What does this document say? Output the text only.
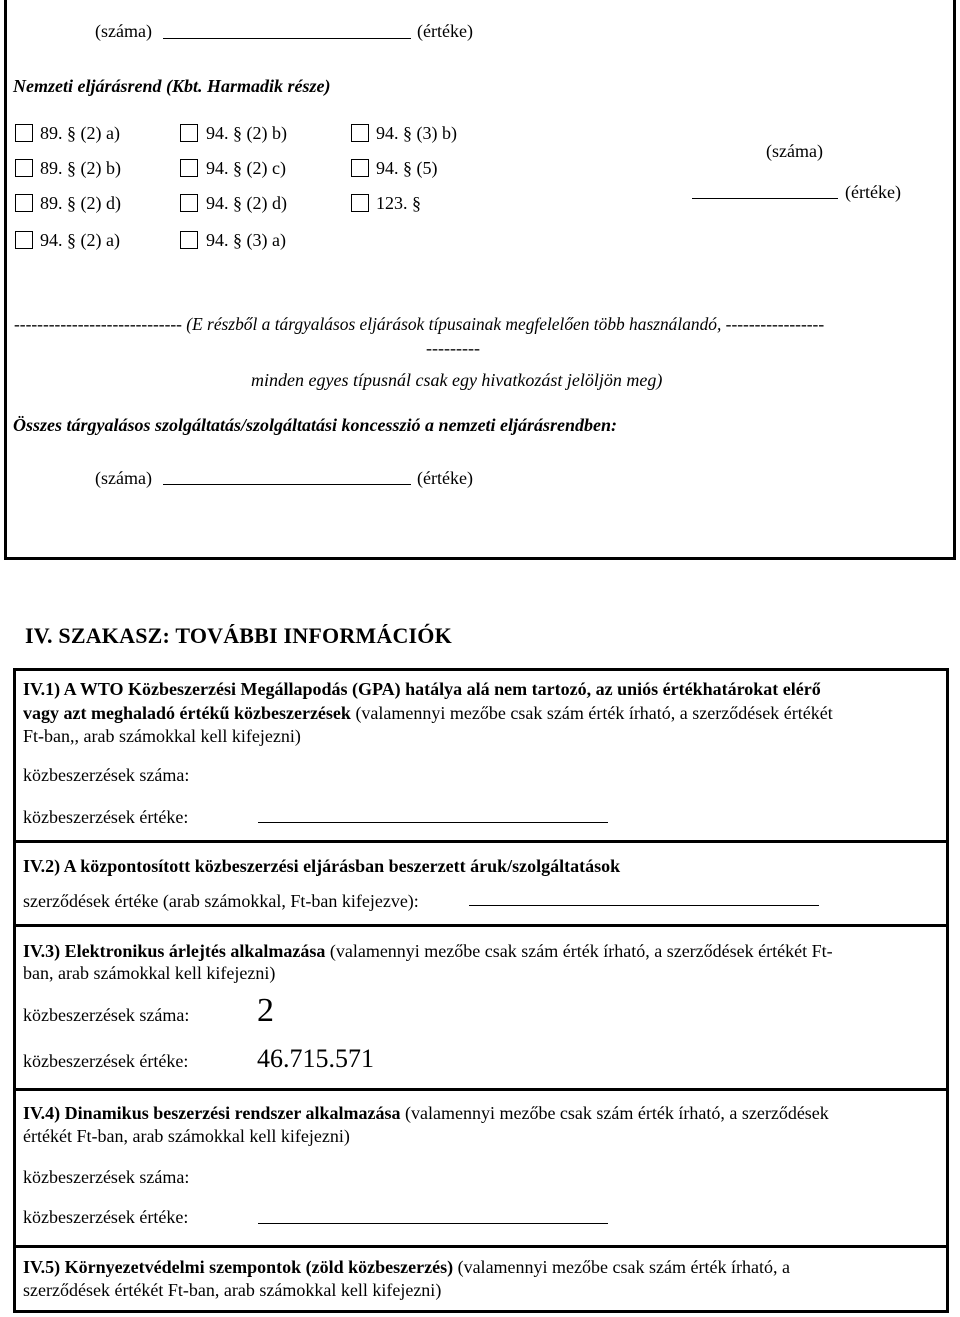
(száma)	(értéke)
Nemzeti eljárásrend (Kbt. Harmadik része)
89. § (2) a)	94. § (2) b)	94. § (3) b)
89. § (2) b)	94. § (2) c)	94. § (5)
89. § (2) d)	94. § (2) d)	123. §
94. § (2) a)	94. § (3) a)
(száma)
(értéke)
----------------------------- (E részből a tárgyalásos eljárások típusainak megfelelően több használandó, -----------------
---------
minden egyes típusnál csak egy hivatkozást jelöljön meg)
Összes tárgyalásos szolgáltatás/szolgáltatási koncesszió a nemzeti eljárásrendben:
(száma)	(értéke)
IV. SZAKASZ: TOVÁBBI INFORMÁCIÓK
IV.1) A WTO Közbeszerzési Megállapodás (GPA) hatálya alá nem tartozó, az uniós értékhatárokat elérő
vagy azt meghaladó értékű közbeszerzések (valamennyi mezőbe csak szám érték írható, a szerződések értékét
Ft-ban,, arab számokkal kell kifejezni)
közbeszerzések száma:
közbeszerzések értéke:
IV.2) A központosított közbeszerzési eljárásban beszerzett áruk/szolgáltatások
szerződések értéke (arab számokkal, Ft-ban kifejezve):
IV.3) Elektronikus árlejtés alkalmazása (valamennyi mezőbe csak szám érték írható, a szerződések értékét Ft-
ban, arab számokkal kell kifejezni)
közbeszerzések száma: 2
közbeszerzések értéke:	46.715.571
IV.4) Dinamikus beszerzési rendszer alkalmazása (valamennyi mezőbe csak szám érték írható, a szerződések
értékét Ft-ban, arab számokkal kell kifejezni)
közbeszerzések száma:
közbeszerzések értéke:
IV.5) Környezetvédelmi szempontok (zöld közbeszerzés) (valamennyi mezőbe csak szám érték írható, a
szerződések értékét Ft-ban, arab számokkal kell kifejezni)
